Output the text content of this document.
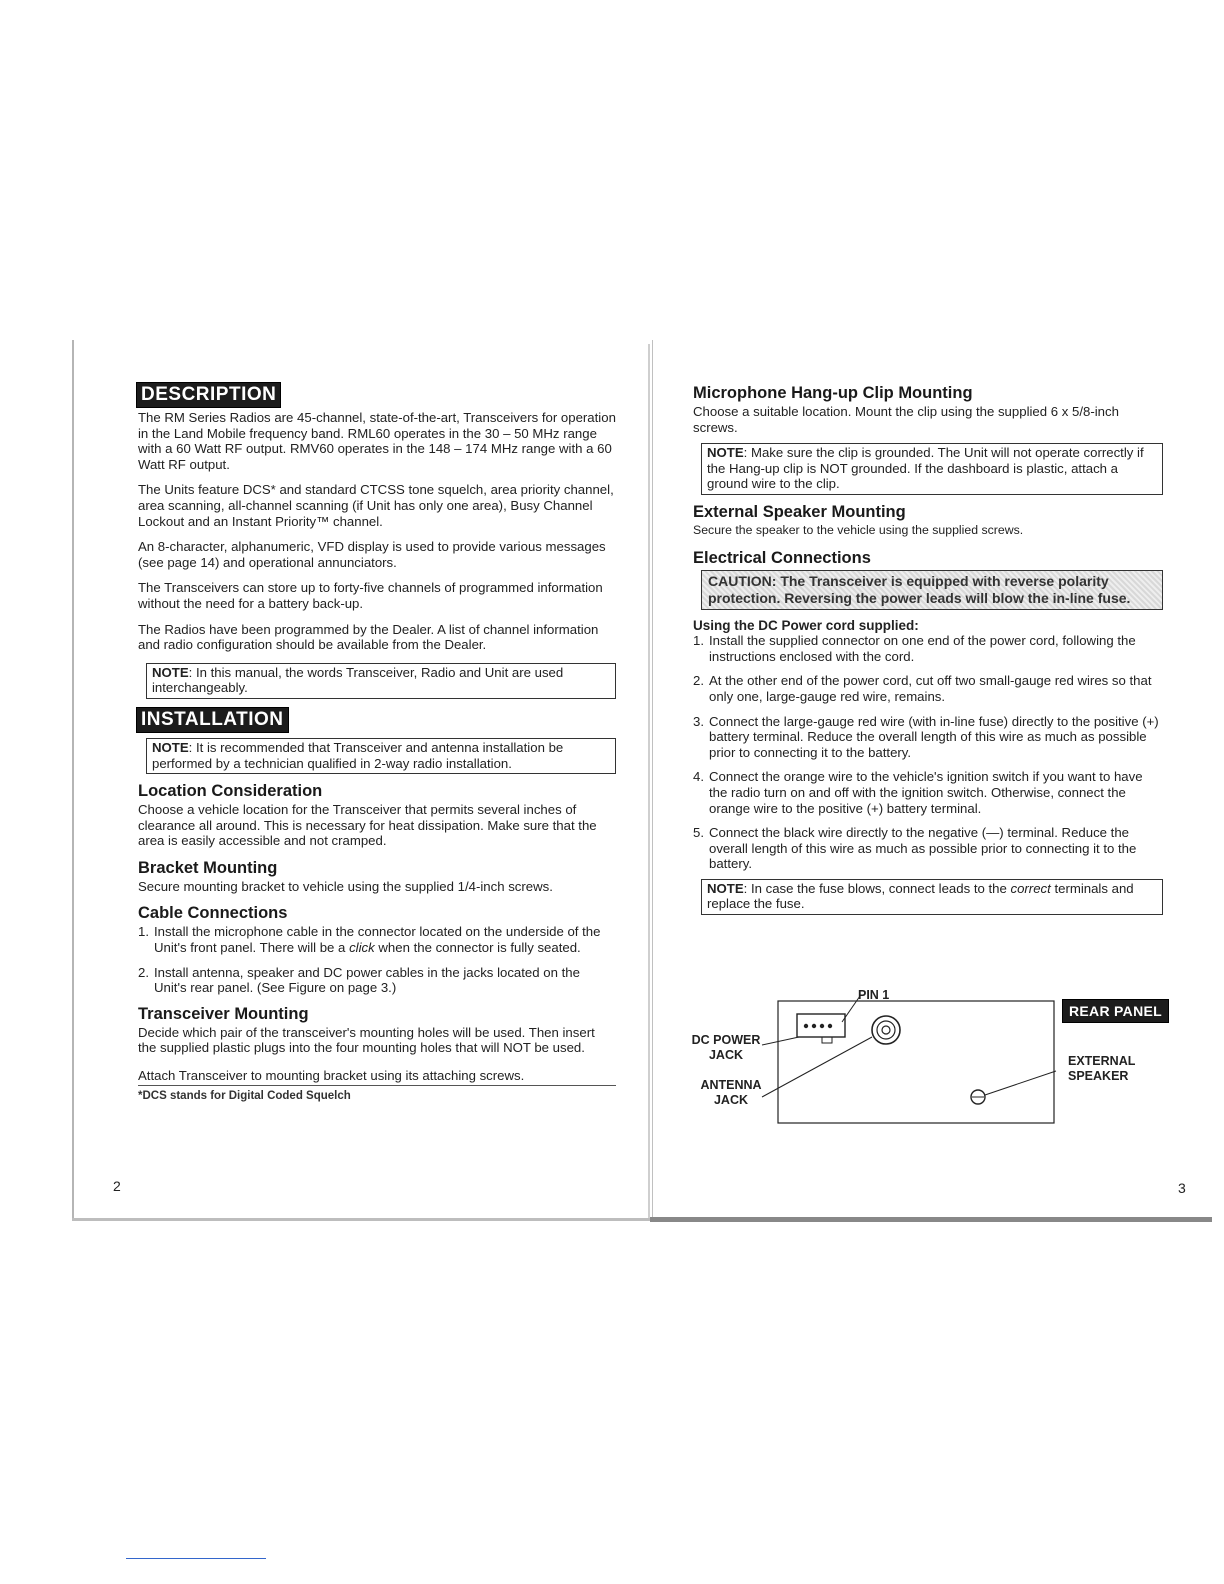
DESCRIPTION

The RM Series Radios are 45-channel, state-of-the-art, Transceivers for operation in the Land Mobile frequency band. RML60 operates in the 30 – 50 MHz range with a 60 Watt RF output. RMV60 operates in the 148 – 174 MHz range with a 60 Watt RF output.

The Units feature DCS* and standard CTCSS tone squelch, area priority channel, area scanning, all-channel scanning (if Unit has only one area), Busy Channel Lockout and an Instant Priority™ channel.

An 8-character, alphanumeric, VFD display is used to provide various messages (see page 14) and operational annunciators.

The Transceivers can store up to forty-five channels of programmed information without the need for a battery back-up.

The Radios have been programmed by the Dealer. A list of channel information and radio configuration should be available from the Dealer.

NOTE: In this manual, the words Transceiver, Radio and Unit are used interchangeably.
INSTALLATION
NOTE: It is recommended that Transceiver and antenna installation be performed by a technician qualified in 2-way radio installation.
Location Consideration

Choose a vehicle location for the Transceiver that permits several inches of clearance all around. This is necessary for heat dissipation. Make sure that the area is easily accessible and not cramped.

Bracket Mounting

Secure mounting bracket to vehicle using the supplied 1/4-inch screws.

Cable Connections
1. Install the microphone cable in the connector located on the underside of the Unit's front panel. There will be a click when the connector is fully seated.
2. Install antenna, speaker and DC power cables in the jacks located on the Unit's rear panel. (See Figure on page 3.)
Transceiver Mounting

Decide which pair of the transceiver's mounting holes will be used. Then insert the supplied plastic plugs into the four mounting holes that will NOT be used.

Attach Transceiver to mounting bracket using its attaching screws.
*DCS stands for Digital Coded Squelch
2
Microphone Hang-up Clip Mounting

Choose a suitable location. Mount the clip using the supplied 6 x 5/8-inch screws.

NOTE: Make sure the clip is grounded. The Unit will not operate correctly if the Hang-up clip is NOT grounded. If the dashboard is plastic, attach a ground wire to the clip.
External Speaker Mounting

Secure the speaker to the vehicle using the supplied screws.

Electrical Connections
CAUTION: The Transceiver is equipped with reverse polarity protection. Reversing the power leads will blow the in-line fuse.
Using the DC Power cord supplied:
1. Install the supplied connector on one end of the power cord, following the instructions enclosed with the cord.
2. At the other end of the power cord, cut off two small-gauge red wires so that only one, large-gauge red wire, remains.
3. Connect the large-gauge red wire (with in-line fuse) directly to the positive (+) battery terminal. Reduce the overall length of this wire as much as possible prior to connecting it to the battery.
4. Connect the orange wire to the vehicle's ignition switch if you want to have the radio turn on and off with the ignition switch. Otherwise, connect the orange wire to the positive (+) battery terminal.
5. Connect the black wire directly to the negative (—) terminal. Reduce the overall length of this wire as much as possible prior to connecting it to the battery.
NOTE: In case the fuse blows, connect leads to the correct terminals and replace the fuse.
PIN 1
REAR PANEL
DC POWER
JACK
ANTENNA
JACK
EXTERNAL
SPEAKER
3
